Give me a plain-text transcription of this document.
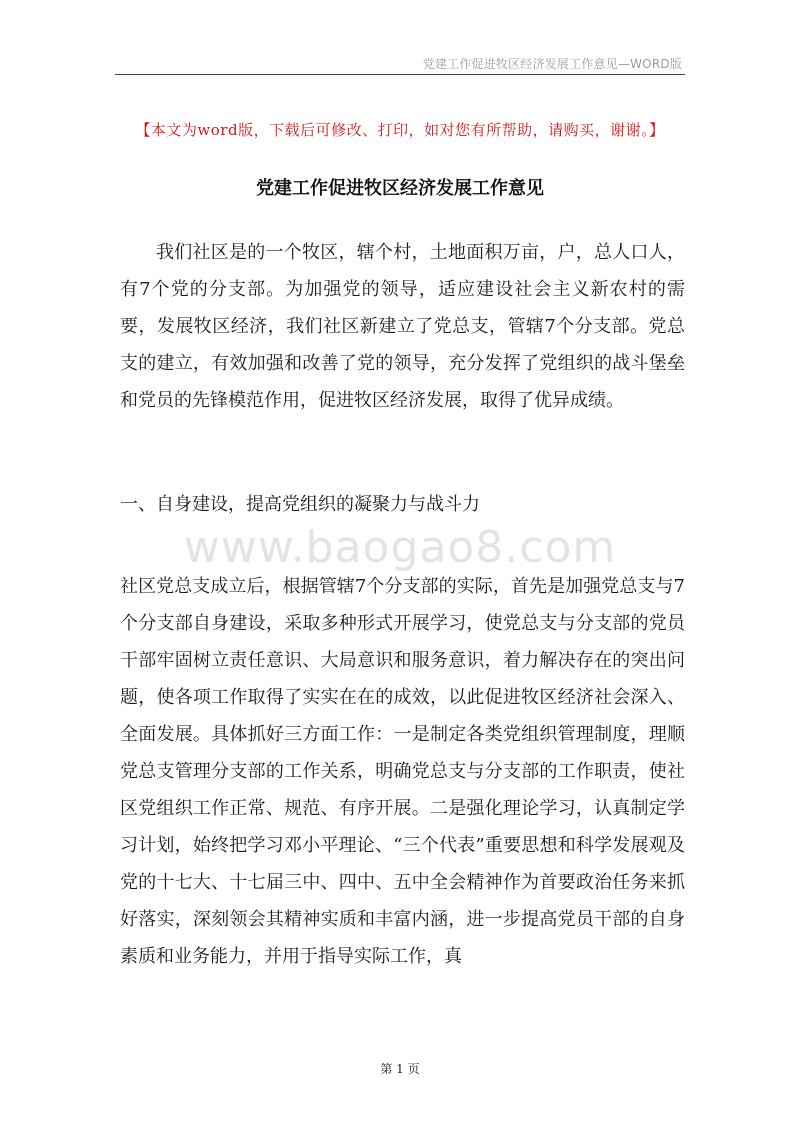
党建工作促进牧区经济发展工作意见—WORD版
【本文为word版，下载后可修改、打印，如对您有所帮助，请购买，谢谢。】
党建工作促进牧区经济发展工作意见

我们社区是的一个牧区，辖个村，土地面积万亩，户，总人口人，有7个党的分支部。为加强党的领导，适应建设社会主义新农村的需要，发展牧区经济，我们社区新建立了党总支，管辖7个分支部。党总支的建立，有效加强和改善了党的领导，充分发挥了党组织的战斗堡垒和党员的先锋模范作用，促进牧区经济发展，取得了优异成绩。

一、自身建设，提高党组织的凝聚力与战斗力
www.baogao8.com

社区党总支成立后，根据管辖7个分支部的实际，首先是加强党总支与7个分支部自身建设，采取多种形式开展学习，使党总支与分支部的党员干部牢固树立责任意识、大局意识和服务意识，着力解决存在的突出问题，使各项工作取得了实实在在的成效，以此促进牧区经济社会深入、全面发展。具体抓好三方面工作：一是制定各类党组织管理制度，理顺党总支管理分支部的工作关系，明确党总支与分支部的工作职责，使社区党组织工作正常、规范、有序开展。二是强化理论学习，认真制定学习计划，始终把学习邓小平理论、“三个代表”重要思想和科学发展观及党的十七大、十七届三中、四中、五中全会精神作为首要政治任务来抓好落实，深刻领会其精神实质和丰富内涵，进一步提高党员干部的自身素质和业务能力，并用于指导实际工作，真

第 1 页
